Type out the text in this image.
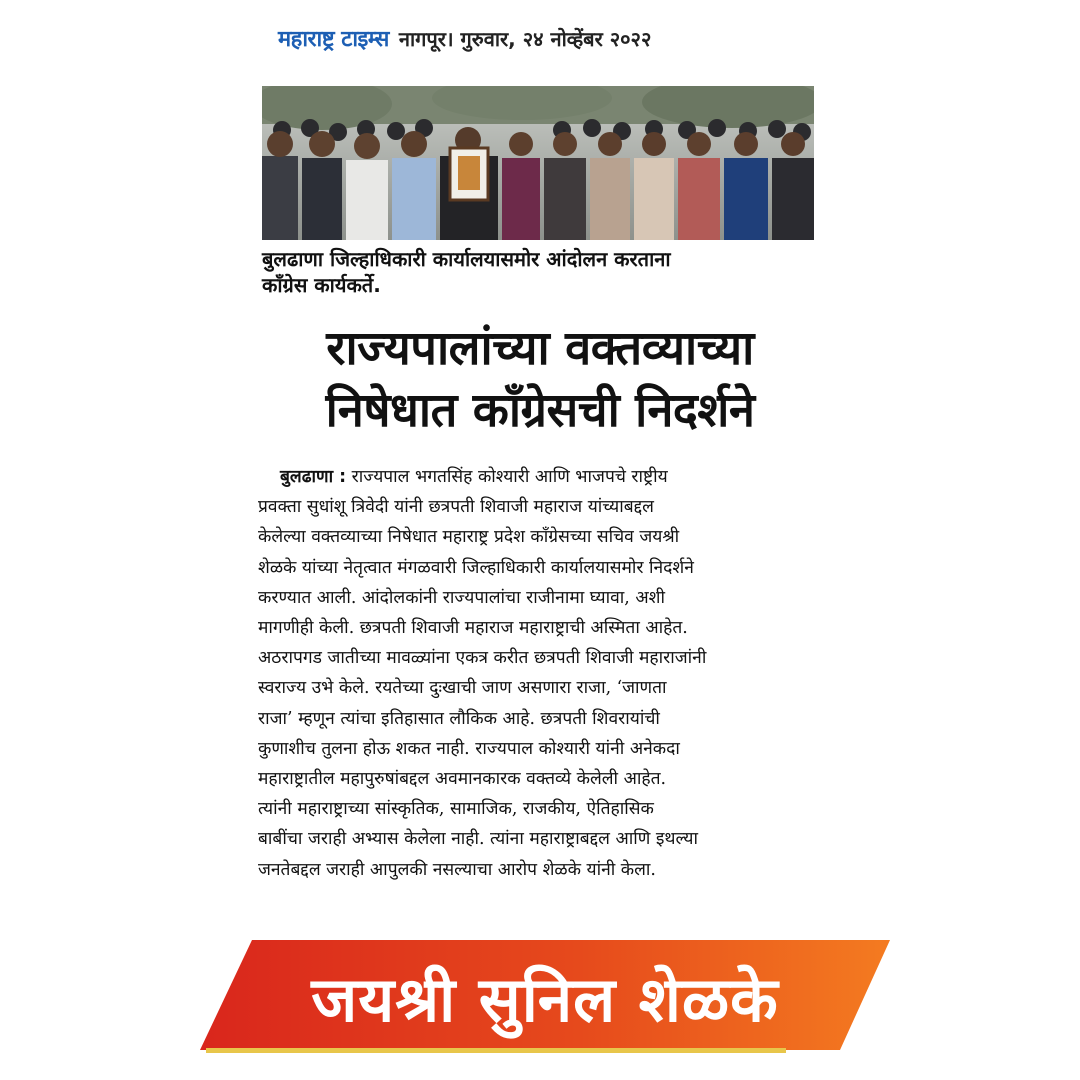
महाराष्ट्र टाइम्स नागपूर। गुरुवार, २४ नोव्हेंबर २०२२
बुलढाणा जिल्हाधिकारी कार्यालयासमोर आंदोलन करताना
काँग्रेस कार्यकर्ते.
राज्यपालांच्या वक्तव्याच्या
निषेधात काँग्रेसची निदर्शने
बुलढाणा : राज्यपाल भगतसिंह कोश्यारी आणि भाजपचे राष्ट्रीय
प्रवक्ता सुधांशू त्रिवेदी यांनी छत्रपती शिवाजी महाराज यांच्याबद्दल
केलेल्या वक्तव्याच्या निषेधात महाराष्ट्र प्रदेश काँग्रेसच्या सचिव जयश्री
शेळके यांच्या नेतृत्वात मंगळवारी जिल्हाधिकारी कार्यालयासमोर निदर्शने
करण्यात आली. आंदोलकांनी राज्यपालांचा राजीनामा घ्यावा, अशी
मागणीही केली. छत्रपती शिवाजी महाराज महाराष्ट्राची अस्मिता आहेत.
अठरापगड जातीच्या मावळ्यांना एकत्र करीत छत्रपती शिवाजी महाराजांनी
स्वराज्य उभे केले. रयतेच्या दुःखाची जाण असणारा राजा, ‘जाणता
राजा’ म्हणून त्यांचा इतिहासात लौकिक आहे. छत्रपती शिवरायांची
कुणाशीच तुलना होऊ शकत नाही. राज्यपाल कोश्यारी यांनी अनेकदा
महाराष्ट्रातील महापुरुषांबद्दल अवमानकारक वक्तव्ये केलेली आहेत.
त्यांनी महाराष्ट्राच्या सांस्कृतिक, सामाजिक, राजकीय, ऐतिहासिक
बाबींचा जराही अभ्यास केलेला नाही. त्यांना महाराष्ट्राबद्दल आणि इथल्या
जनतेबद्दल जराही आपुलकी नसल्याचा आरोप शेळके यांनी केला.
जयश्री सुनिल शेळके
